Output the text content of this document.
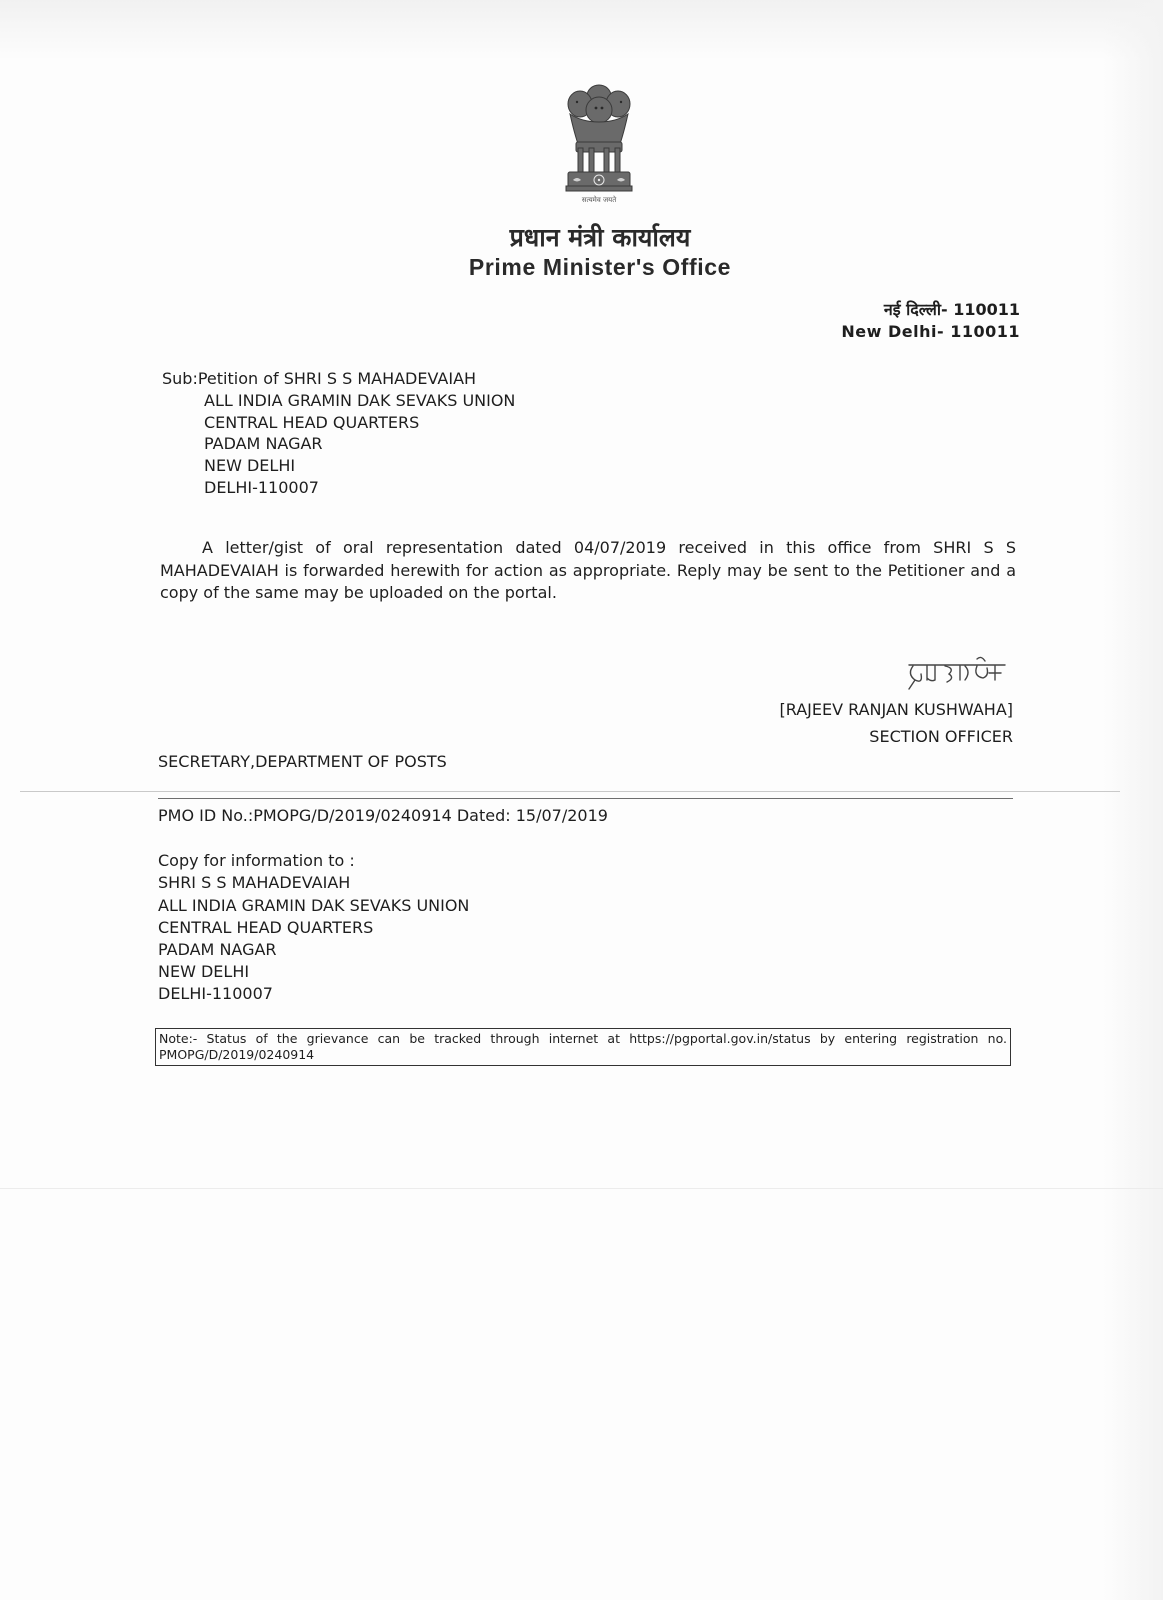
सत्यमेव जयते
प्रधान मंत्री कार्यालय
Prime Minister's Office
नई दिल्ली- 110011
New Delhi- 110011
Sub:Petition of SHRI S S MAHADEVAIAH
ALL INDIA GRAMIN DAK SEVAKS UNION
CENTRAL HEAD QUARTERS
PADAM NAGAR
NEW DELHI
DELHI-110007
A letter/gist of oral representation dated 04/07/2019 received in this office from SHRI S S MAHADEVAIAH is forwarded herewith for action as appropriate. Reply may be sent to the Petitioner and a copy of the same may be uploaded on the portal.
[RAJEEV RANJAN KUSHWAHA]
SECTION OFFICER
SECRETARY,DEPARTMENT OF POSTS
PMO ID No.:PMOPG/D/2019/0240914 Dated: 15/07/2019
Copy for information to :
SHRI S S MAHADEVAIAH
ALL INDIA GRAMIN DAK SEVAKS UNION
CENTRAL HEAD QUARTERS
PADAM NAGAR
NEW DELHI
DELHI-110007
Note:- Status of the grievance can be tracked through internet at https://pgportal.gov.in/status by entering registration no. PMOPG/D/2019/0240914
